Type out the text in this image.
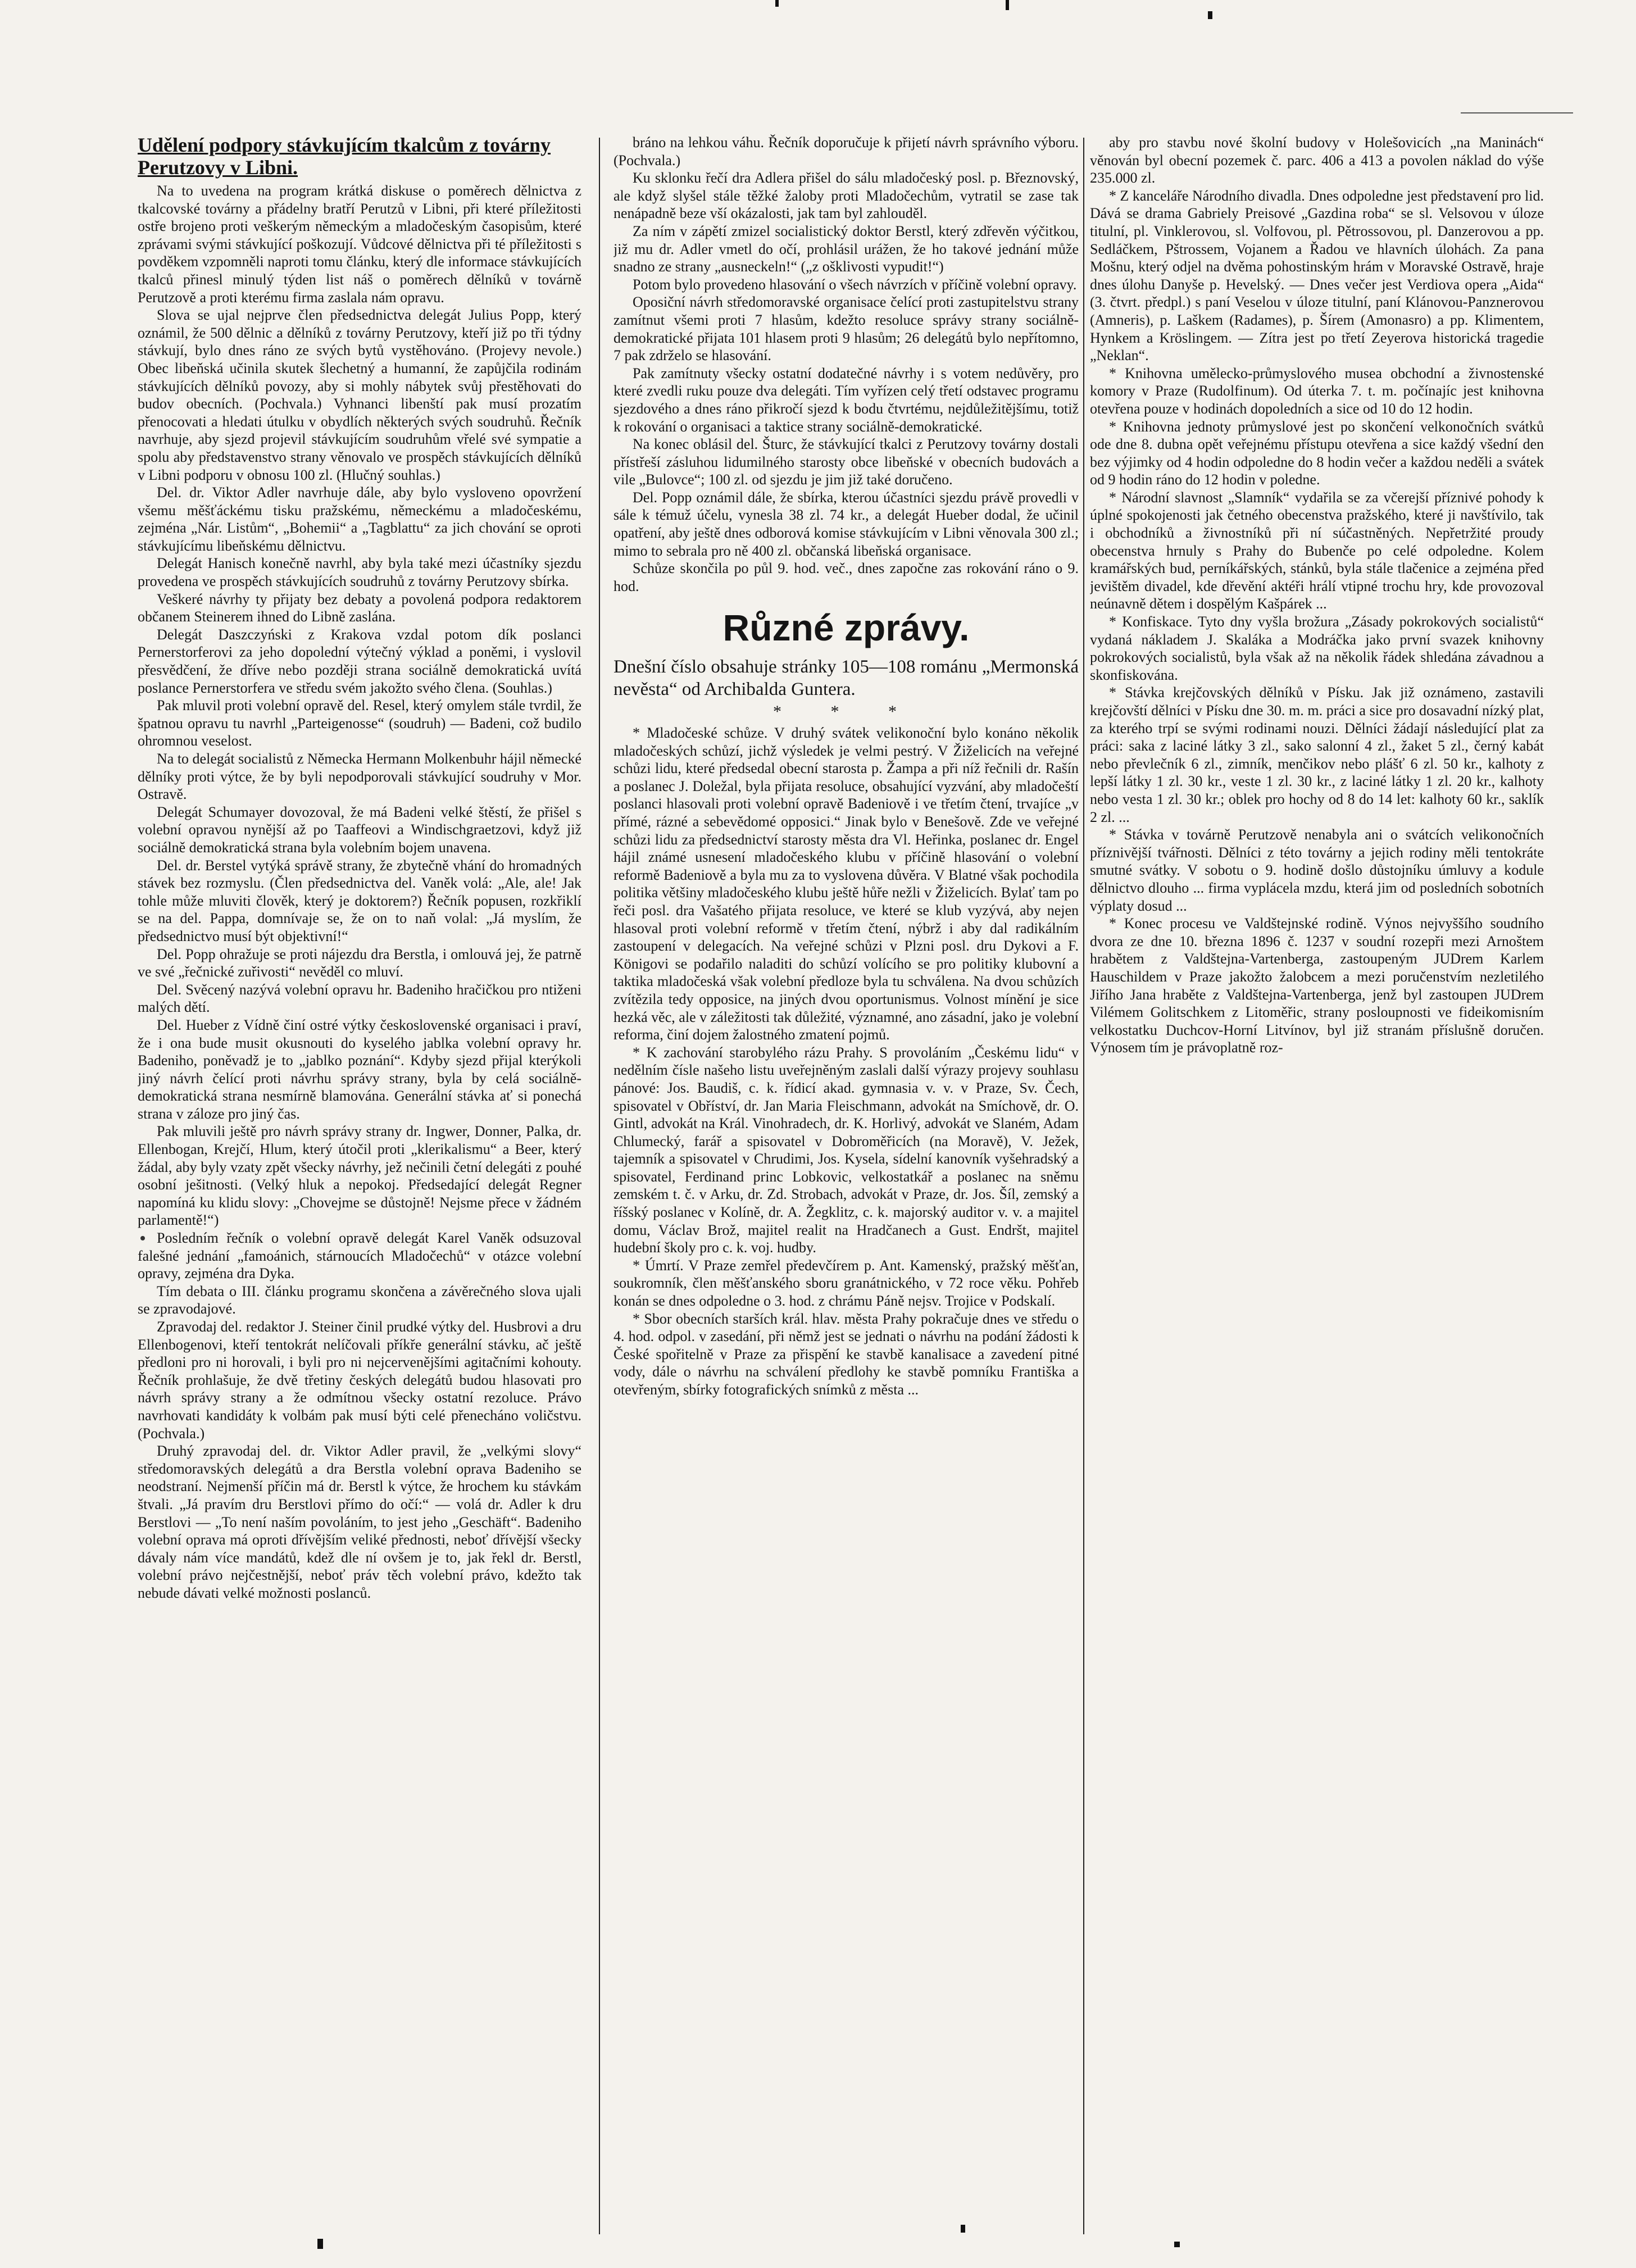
Udělení podpory stávkujícím tkalcům z továrny Perutzovy v Libni.

Na to uvedena na program krátká diskuse o poměrech dělnictva z tkalcovské továrny a přádelny bratří Perutzů v Libni, při které příležitosti ostře brojeno proti veškerým německým a mladočeským časopisům, které zprávami svými stávkující poškozují. Vůdcové dělnictva při té příležitosti s povděkem vzpomněli naproti tomu článku, který dle informace stávkujících tkalců přinesl minulý týden list náš o poměrech dělníků v továrně Perutzově a proti kterému firma zaslala nám opravu.

Slova se ujal nejprve člen předsednictva delegát Julius Popp, který oznámil, že 500 dělnic a dělníků z továrny Perutzovy, kteří již po tři týdny stávkují, bylo dnes ráno ze svých bytů vystěhováno. (Projevy nevole.) Obec libeňská učinila skutek šlechetný a humanní, že zapůjčila rodinám stávkujících dělníků povozy, aby si mohly nábytek svůj přestěhovati do budov obecních. (Pochvala.) Vyhnanci libenští pak musí prozatím přenocovati a hledati útulku v obydlích některých svých soudruhů. Řečník navrhuje, aby sjezd projevil stávkujícím soudruhům vřelé své sympatie a spolu aby představenstvo strany věnovalo ve prospěch stávkujících dělníků v Libni podporu v obnosu 100 zl. (Hlučný souhlas.)

Del. dr. Viktor Adler navrhuje dále, aby bylo vysloveno opovržení všemu měšťáckému tisku pražskému, německému a mladočeskému, zejména „Nár. Listům“, „Bohemii“ a „Tagblattu“ za jich chování se oproti stávkujícímu libeňskému dělnictvu.

Delegát Hanisch konečně navrhl, aby byla také mezi účastníky sjezdu provedena ve prospěch stávkujících soudruhů z továrny Perutzovy sbírka.

Veškeré návrhy ty přijaty bez debaty a povolená podpora redaktorem občanem Steinerem ihned do Libně zaslána.

Delegát Daszczyński z Krakova vzdal potom dík poslanci Pernerstorferovi za jeho dopolední výtečný výklad a poněmi, i vyslovil přesvědčení, že dříve nebo později strana sociálně demokratická uvítá poslance Pernerstorfera ve středu svém jakožto svého člena. (Souhlas.)

Pak mluvil proti volební opravě del. Resel, který omylem stále tvrdil, že špatnou opravu tu navrhl „Parteigenosse“ (soudruh) — Badeni, což budilo ohromnou veselost.

Na to delegát socialistů z Německa Hermann Molkenbuhr hájil německé dělníky proti výtce, že by byli nepodporovali stávkující soudruhy v Mor. Ostravě.

Delegát Schumayer dovozoval, že má Badeni velké štěstí, že přišel s volební opravou nynější až po Taaffeovi a Windischgraetzovi, když již sociálně demokratická strana byla volebním bojem unavena.

Del. dr. Berstel vytýká správě strany, že zbytečně vhání do hromadných stávek bez rozmyslu. (Člen předsednictva del. Vaněk volá: „Ale, ale! Jak tohle může mluviti člověk, který je doktorem?) Řečník popusen, rozkřiklí se na del. Pappa, domnívaje se, že on to naň volal: „Já myslím, že předsednictvo musí být objektivní!“

Del. Popp ohražuje se proti nájezdu dra Berstla, i omlouvá jej, že patrně ve své „řečnické zuřivosti“ nevěděl co mluví.

Del. Svěcený nazývá volební opravu hr. Badeniho hračičkou pro ntiženi malých dětí.

Del. Hueber z Vídně činí ostré výtky československé organisaci i praví, že i ona bude musit okusnouti do kyselého jablka volební opravy hr. Badeniho, poněvadž je to „jablko poznání“. Kdyby sjezd přijal kterýkoli jiný návrh čelící proti návrhu správy strany, byla by celá sociálně-demokratická strana nesmírně blamována. Generální stávka ať si ponechá strana v záloze pro jiný čas.

Pak mluvili ještě pro návrh správy strany dr. Ingwer, Donner, Palka, dr. Ellenbogan, Krejčí, Hlum, který útočil proti „klerikalismu“ a Beer, který žádal, aby byly vzaty zpět všecky návrhy, jež nečinili četní delegáti z pouhé osobní ješitnosti. (Velký hluk a nepokoj. Předsedající delegát Regner napomíná ku klidu slovy: „Chovejme se důstojně! Nejsme přece v žádném parlamentě!“)

Posledním řečník o volební opravě delegát Karel Vaněk odsuzoval falešné jednání „famoánich, stárnoucích Mladočechů“ v otázce volební opravy, zejména dra Dyka.

Tím debata o III. článku programu skončena a závěrečného slova ujali se zpravodajové.

Zpravodaj del. redaktor J. Steiner činil prudké výtky del. Husbrovi a dru Ellenbogenovi, kteří tentokrát nelíčovali příkře generální stávku, ač ještě předloni pro ni horovali, i byli pro ni nejcervenějšími agitačními kohouty. Řečník prohlašuje, že dvě třetiny českých delegátů budou hlasovati pro návrh správy strany a že odmítnou všecky ostatní rezoluce. Právo navrhovati kandidáty k volbám pak musí býti celé přenecháno voličstvu. (Pochvala.)

Druhý zpravodaj del. dr. Viktor Adler pravil, že „velkými slovy“ středomoravských delegátů a dra Berstla volební oprava Badeniho se neodstraní. Nejmenší příčin má dr. Berstl k výtce, že hrochem ku stávkám štvali. „Já pravím dru Berstlovi přímo do očí:“ — volá dr. Adler k dru Berstlovi — „To není naším povoláním, to jest jeho „Geschäft“. Badeniho volební oprava má oproti dřívějším veliké přednosti, neboť dřívější všecky dávaly nám více mandátů, kdež dle ní ovšem je to, jak řekl dr. Berstl, volební právo nejčestnější, neboť práv těch volební právo, kdežto tak nebude dávati velké možnosti poslanců.

bráno na lehkou váhu. Řečník doporučuje k přijetí návrh správního výboru. (Pochvala.)

Ku sklonku řečí dra Adlera přišel do sálu mladočeský posl. p. Březnovský, ale když slyšel stále těžké žaloby proti Mladočechům, vytratil se zase tak nenápadně beze vší okázalosti, jak tam byl zahlouděl.

Za ním v zápětí zmizel socialistický doktor Berstl, který zdřevěn výčitkou, již mu dr. Adler vmetl do očí, prohlásil urážen, že ho takové jednání může snadno ze strany „ausneckeln!“ („z ošklivosti vypudit!“)

Potom bylo provedeno hlasování o všech návrzích v příčině volební opravy.

Oposiční návrh středomoravské organisace čelící proti zastupitelstvu strany zamítnut všemi proti 7 hlasům, kdežto resoluce správy strany sociálně-demokratické přijata 101 hlasem proti 9 hlasům; 26 delegátů bylo nepřítomno, 7 pak zdrželo se hlasování.

Pak zamítnuty všecky ostatní dodatečné návrhy i s votem nedůvěry, pro které zvedli ruku pouze dva delegáti. Tím vyřízen celý třetí odstavec programu sjezdového a dnes ráno přikročí sjezd k bodu čtvrtému, nejdůležitějšímu, totiž k rokování o organisaci a taktice strany sociálně-demokratické.

Na konec oblásil del. Šturc, že stávkující tkalci z Perutzovy továrny dostali přístřeší zásluhou lidumilného starosty obce libeňské v obecních budovách a vile „Bulovce“; 100 zl. od sjezdu je jim již také doručeno.

Del. Popp oznámil dále, že sbírka, kterou účastníci sjezdu právě provedli v sále k témuž účelu, vynesla 38 zl. 74 kr., a delegát Hueber dodal, že učinil opatření, aby ještě dnes odborová komise stávkujícím v Libni věnovala 300 zl.; mimo to sebrala pro ně 400 zl. občanská libeňská organisace.

Schůze skončila po půl 9. hod. več., dnes započne zas rokování ráno o 9. hod.

Různé zprávy.
Dnešní číslo obsahuje stránky 105—108 románu „Mermonská nevěsta“ od Archibalda Guntera.
* * *

* Mladočeské schůze. V druhý svátek velikonoční bylo konáno několik mladočeských schůzí, jichž výsledek je velmi pestrý. V Žiželicích na veřejné schůzi lidu, které předsedal obecní starosta p. Žampa a při níž řečnili dr. Rašín a poslanec J. Doležal, byla přijata resoluce, obsahující vyzvání, aby mladočeští poslanci hlasovali proti volební opravě Badeniově i ve třetím čtení, trvajíce „v přímé, rázné a sebevědomé opposici.“ Jinak bylo v Benešově. Zde ve veřejné schůzi lidu za předsednictví starosty města dra Vl. Heřinka, poslanec dr. Engel hájil známé usnesení mladočeského klubu v příčině hlasování o volební reformě Badeniově a byla mu za to vyslovena důvěra. V Blatné však pochodila politika většiny mladočeského klubu ještě hůře nežli v Žiželicích. Bylať tam po řeči posl. dra Vašatého přijata resoluce, ve které se klub vyzývá, aby nejen hlasoval proti volební reformě v třetím čtení, nýbrž i aby dal radikálním zastoupení v delegacích. Na veřejné schůzi v Plzni posl. dru Dykovi a F. Königovi se podařilo naladiti do schůzí volícího se pro politiky klubovní a taktika mladočeská však volební předloze byla tu schválena. Na dvou schůzích zvítězila tedy opposice, na jiných dvou oportunismus. Volnost mínění je sice hezká věc, ale v záležitosti tak důležité, významné, ano zásadní, jako je volební reforma, činí dojem žalostného zmatení pojmů.

* K zachování starobylého rázu Prahy. S provoláním „Českému lidu“ v nedělním čísle našeho listu uveřejněným zaslali další výrazy projevy souhlasu pánové: Jos. Baudiš, c. k. řídicí akad. gymnasia v. v. v Praze, Sv. Čech, spisovatel v Obříství, dr. Jan Maria Fleischmann, advokát na Smíchově, dr. O. Gintl, advokát na Král. Vinohradech, dr. K. Horlivý, advokát ve Slaném, Adam Chlumecký, farář a spisovatel v Dobroměřicích (na Moravě), V. Ježek, tajemník a spisovatel v Chrudimi, Jos. Kysela, sídelní kanovník vyšehradský a spisovatel, Ferdinand princ Lobkovic, velkostatkář a poslanec na sněmu zemském t. č. v Arku, dr. Zd. Strobach, advokát v Praze, dr. Jos. Šíl, zemský a říšský poslanec v Kolíně, dr. A. Žegklitz, c. k. majorský auditor v. v. a majitel domu, Václav Brož, majitel realit na Hradčanech a Gust. Endršt, majitel hudební školy pro c. k. voj. hudby.

* Úmrtí. V Praze zemřel předevčírem p. Ant. Kamenský, pražský měšťan, soukromník, člen měšťanského sboru granátnického, v 72 roce věku. Pohřeb konán se dnes odpoledne o 3. hod. z chrámu Páně nejsv. Trojice v Podskalí.

* Sbor obecních starších král. hlav. města Prahy pokračuje dnes ve středu o 4. hod. odpol. v zasedání, při němž jest se jednati o návrhu na podání žádosti k České spořitelně v Praze za přispění ke stavbě kanalisace a zavedení pitné vody, dále o návrhu na schválení předlohy ke stavbě pomníku Františka a otevřeným, sbírky fotografických snímků z města ...

aby pro stavbu nové školní budovy v Holešovicích „na Maninách“ věnován byl obecní pozemek č. parc. 406 a 413 a povolen náklad do výše 235.000 zl.

* Z kanceláře Národního divadla. Dnes odpoledne jest představení pro lid. Dává se drama Gabriely Preisové „Gazdina roba“ se sl. Velsovou v úloze titulní, pl. Vinklerovou, sl. Volfovou, pl. Pětrossovou, pl. Danzerovou a pp. Sedláčkem, Pštrossem, Vojanem a Řadou ve hlavních úlohách. Za pana Mošnu, který odjel na dvěma pohostinským hrám v Moravské Ostravě, hraje dnes úlohu Danyše p. Hevelský. — Dnes večer jest Verdiova opera „Aida“ (3. čtvrt. předpl.) s paní Veselou v úloze titulní, paní Klánovou-Panznerovou (Amneris), p. Laškem (Radames), p. Šírem (Amonasro) a pp. Klimentem, Hynkem a Kröslingem. — Zítra jest po třetí Zeyerova historická tragedie „Neklan“.

* Knihovna umělecko-průmyslového musea obchodní a živnostenské komory v Praze (Rudolfinum). Od úterka 7. t. m. počínajíc jest knihovna otevřena pouze v hodinách dopoledních a sice od 10 do 12 hodin.

* Knihovna jednoty průmyslové jest po skončení velkonočních svátků ode dne 8. dubna opět veřejnému přístupu otevřena a sice každý všední den bez výjimky od 4 hodin odpoledne do 8 hodin večer a každou neděli a svátek od 9 hodin ráno do 12 hodin v poledne.

* Národní slavnost „Slamník“ vydařila se za včerejší příznivé pohody k úplné spokojenosti jak četného obecenstva pražského, které ji navštívilo, tak i obchodníků a živnostníků při ní súčastněných. Nepřetržité proudy obecenstva hrnuly s Prahy do Bubenče po celé odpoledne. Kolem kramářských bud, perníkářských, stánků, byla stále tlačenice a zejména před jevištěm divadel, kde dřevění aktéři hrálí vtipné trochu hry, kde provozoval neúnavně dětem i dospělým Kašpárek ...

* Konfiskace. Tyto dny vyšla brožura „Zásady pokrokových socialistů“ vydaná nákladem J. Skaláka a Modráčka jako první svazek knihovny pokrokových socialistů, byla však až na několik řádek shledána závadnou a skonfiskována.

* Stávka krejčovských dělníků v Písku. Jak již oznámeno, zastavili krejčovští dělníci v Písku dne 30. m. m. práci a sice pro dosavadní nízký plat, za kterého trpí se svými rodinami nouzi. Dělníci žádají následující plat za práci: saka z laciné látky 3 zl., sako salonní 4 zl., žaket 5 zl., černý kabát nebo převlečník 6 zl., zimník, menčikov nebo plášť 6 zl. 50 kr., kalhoty z lepší látky 1 zl. 30 kr., veste 1 zl. 30 kr., z laciné látky 1 zl. 20 kr., kalhoty nebo vesta 1 zl. 30 kr.; oblek pro hochy od 8 do 14 let: kalhoty 60 kr., saklík 2 zl. ...

* Stávka v továrně Perutzově nenabyla ani o svátcích velikonočních příznivější tvářnosti. Dělníci z této továrny a jejich rodiny měli tentokráte smutné svátky. V sobotu o 9. hodině došlo důstojníku úmluvy a kodule dělnictvo dlouho ... firma vyplácela mzdu, která jim od posledních sobotních výplaty dosud ...

* Konec procesu ve Valdštejnské rodině. Výnos nejvyššího soudního dvora ze dne 10. března 1896 č. 1237 v soudní rozepři mezi Arnoštem hrabětem z Valdštejna-Vartenberga, zastoupeným JUDrem Karlem Hauschildem v Praze jakožto žalobcem a mezi poručenstvím nezletilého Jiřího Jana hraběte z Valdštejna-Vartenberga, jenž byl zastoupen JUDrem Vilémem Golitschkem z Litoměřic, strany posloupnosti ve fideikomisním velkostatku Duchcov-Horní Litvínov, byl již stranám příslušně doručen. Výnosem tím je právoplatně roz-
